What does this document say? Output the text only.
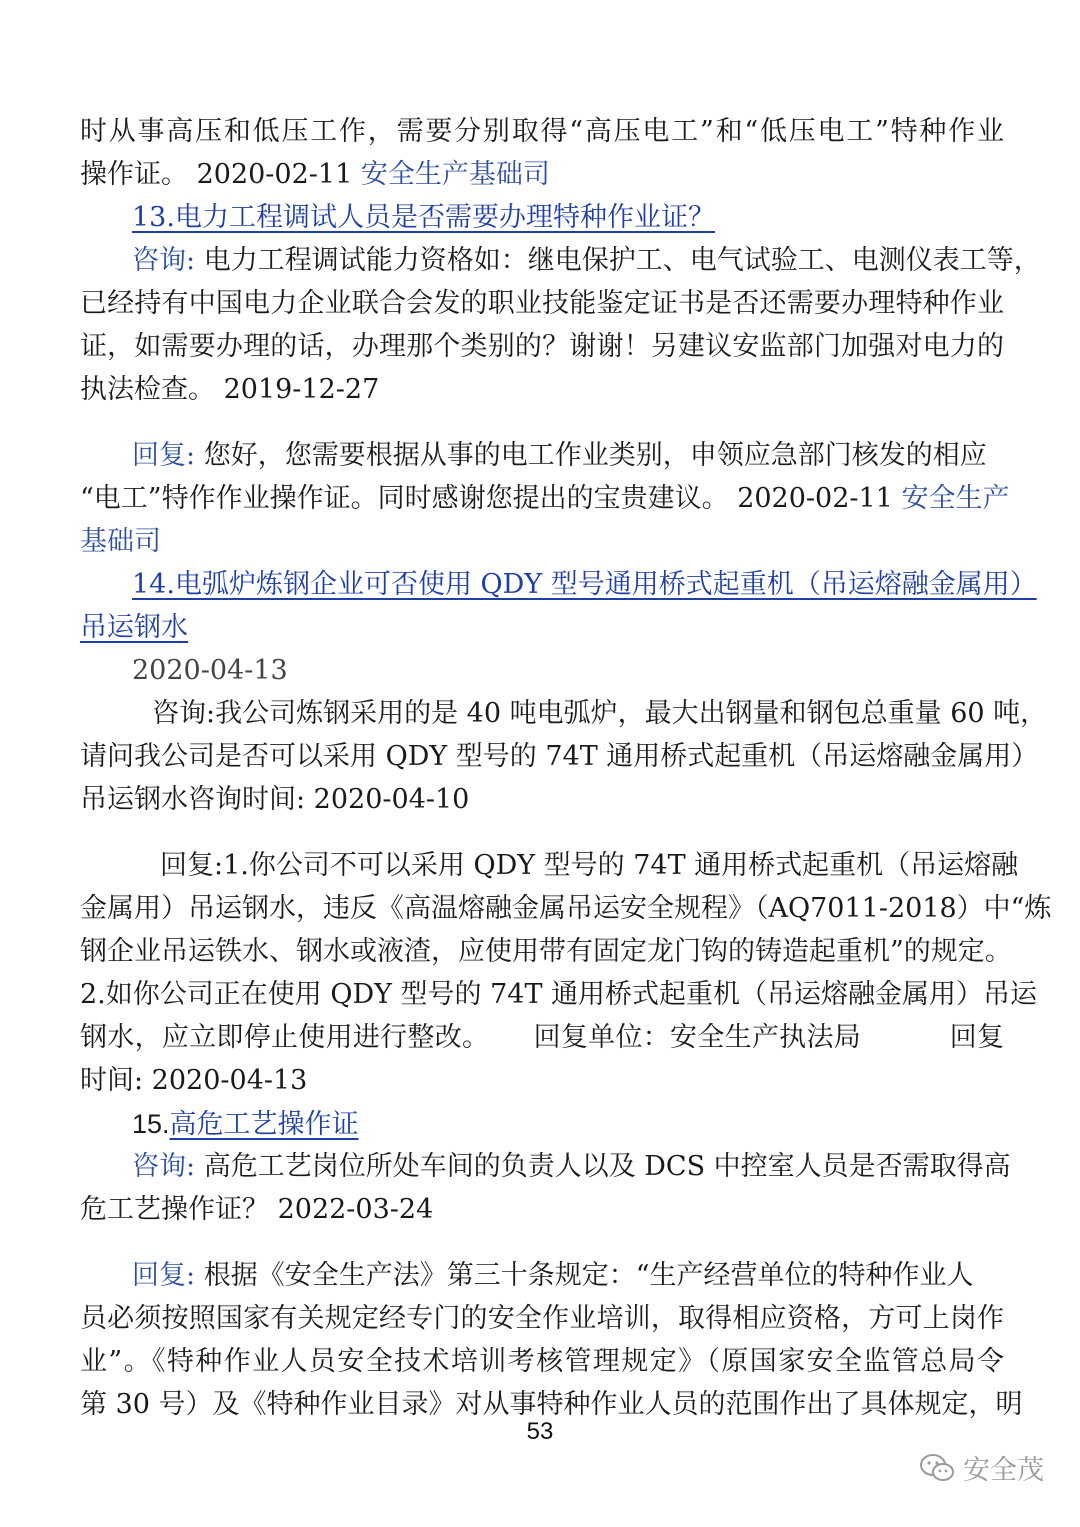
时从事高压和低压工作，需要分别取得“高压电工”和“低压电工”特种作业
操作证。 2020-02-11 安全生产基础司
13.电力工程调试人员是否需要办理特种作业证？
咨询: 电力工程调试能力资格如：继电保护工、电气试验工、电测仪表工等，
已经持有中国电力企业联合会发的职业技能鉴定证书是否还需要办理特种作业
证，如需要办理的话，办理那个类别的？谢谢！另建议安监部门加强对电力的
执法检查。 2019-12-27
回复: 您好，您需要根据从事的电工作业类别，申领应急部门核发的相应
“电工”特作作业操作证。同时感谢您提出的宝贵建议。 2020-02-11 安全生产
基础司
14.电弧炉炼钢企业可否使用 QDY 型号通用桥式起重机（吊运熔融金属用）
吊运钢水
2020-04-13
咨询:我公司炼钢采用的是 40 吨电弧炉，最大出钢量和钢包总重量 60 吨，
请问我公司是否可以采用 QDY 型号的 74T 通用桥式起重机（吊运熔融金属用）
吊运钢水咨询时间: 2020-04-10
回复:1.你公司不可以采用 QDY 型号的 74T 通用桥式起重机（吊运熔融
金属用）吊运钢水，违反《高温熔融金属吊运安全规程》（AQ7011-2018）中“炼
钢企业吊运铁水、钢水或液渣，应使用带有固定龙门钩的铸造起重机”的规定。
2.如你公司正在使用 QDY 型号的 74T 通用桥式起重机（吊运熔融金属用）吊运
钢水，应立即停止使用进行整改。     回复单位：安全生产执法局          回复
时间: 2020-04-13
15.高危工艺操作证
咨询: 高危工艺岗位所处车间的负责人以及 DCS 中控室人员是否需取得高
危工艺操作证？ 2022-03-24
回复: 根据《安全生产法》第三十条规定：“生产经营单位的特种作业人
员必须按照国家有关规定经专门的安全作业培训，取得相应资格，方可上岗作
业”。《特种作业人员安全技术培训考核管理规定》（原国家安全监管总局令
第 30 号）及《特种作业目录》对从事特种作业人员的范围作出了具体规定，明
53
安全茂
